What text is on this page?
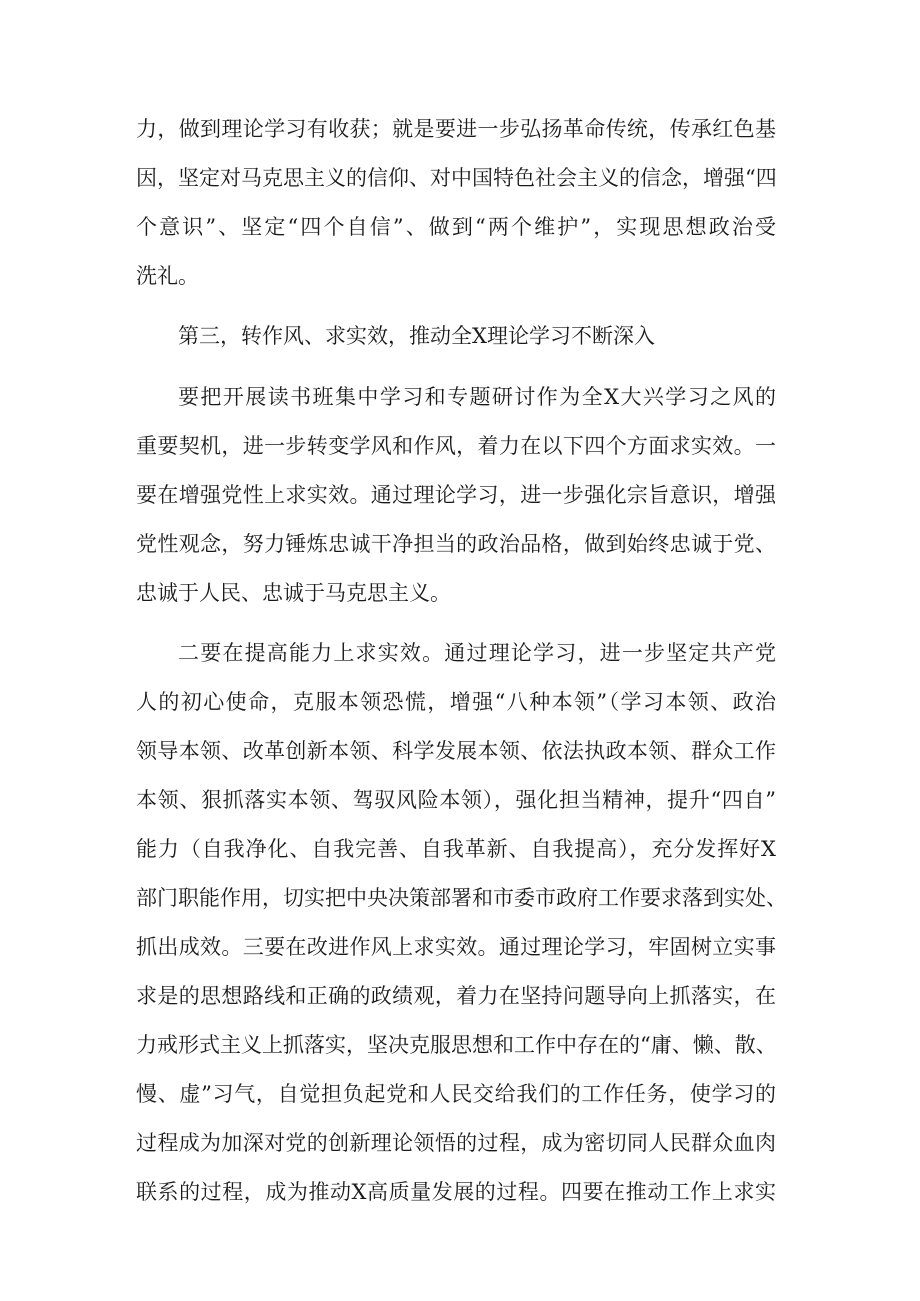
力，做到理论学习有收获；就是要进一步弘扬革命传统，传承红色基
因，坚定对马克思主义的信仰、对中国特色社会主义的信念，增强“四
个意识”、坚定“四个自信”、做到“两个维护”，实现思想政治受
洗礼。
第三，转作风、求实效，推动全X理论学习不断深入
要把开展读书班集中学习和专题研讨作为全X大兴学习之风的
重要契机，进一步转变学风和作风，着力在以下四个方面求实效。一
要在增强党性上求实效。通过理论学习，进一步强化宗旨意识，增强
党性观念，努力锤炼忠诚干净担当的政治品格，做到始终忠诚于党、
忠诚于人民、忠诚于马克思主义。
二要在提高能力上求实效。通过理论学习，进一步坚定共产党
人的初心使命，克服本领恐慌，增强“八种本领”（学习本领、政治
领导本领、改革创新本领、科学发展本领、依法执政本领、群众工作
本领、狠抓落实本领、驾驭风险本领），强化担当精神，提升“四自”
能力（自我净化、自我完善、自我革新、自我提高），充分发挥好X
部门职能作用，切实把中央决策部署和市委市政府工作要求落到实处、
抓出成效。三要在改进作风上求实效。通过理论学习，牢固树立实事
求是的思想路线和正确的政绩观，着力在坚持问题导向上抓落实，在
力戒形式主义上抓落实，坚决克服思想和工作中存在的“庸、懒、散、
慢、虚”习气，自觉担负起党和人民交给我们的工作任务，使学习的
过程成为加深对党的创新理论领悟的过程，成为密切同人民群众血肉
联系的过程，成为推动X高质量发展的过程。四要在推动工作上求实
